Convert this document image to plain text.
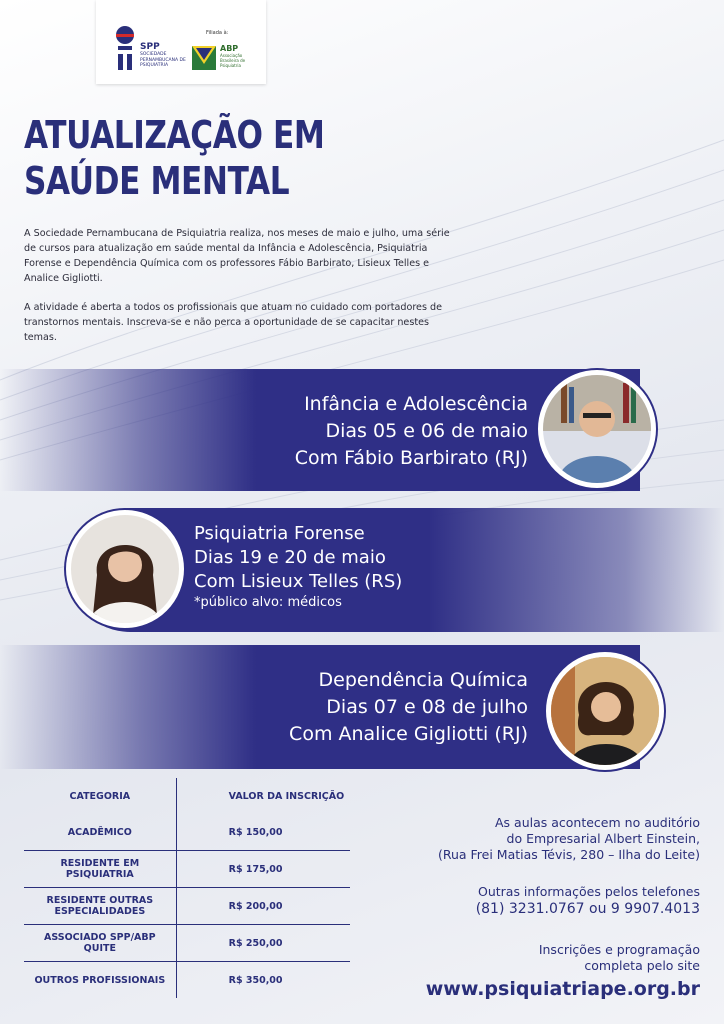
SPP
SOCIEDADE PERNAMBUCANA DE PSIQUIATRIA
Filiada à:
ABP
Associação Brasileira de Psiquiatria
ATUALIZAÇÃO EM
SAÚDE MENTAL

A Sociedade Pernambucana de Psiquiatria realiza, nos meses de maio e julho, uma série de cursos para atualização em saúde mental da Infância e Adolescência, Psiquiatria Forense e Dependência Química com os professores Fábio Barbirato, Lisieux Telles e Analice Gigliotti.

A atividade é aberta a todos os profissionais que atuam no cuidado com portadores de transtornos mentais. Inscreva-se e não perca a oportunidade de se capacitar nestes temas.

Infância e Adolescência
Dias 05 e 06 de maio
Com Fábio Barbirato (RJ)
Psiquiatria Forense
Dias 19 e 20 de maio
Com Lisieux Telles (RS)
*público alvo: médicos
Dependência Química
Dias 07 e 08 de julho
Com Analice Gigliotti (RJ)
CATEGORIA	VALOR DA INSCRIÇÃO
ACADÊMICO	R$ 150,00
RESIDENTE EM PSIQUIATRIA	R$ 175,00
RESIDENTE OUTRAS ESPECIALIDADES	R$ 200,00
ASSOCIADO SPP/ABP QUITE	R$ 250,00
OUTROS PROFISSIONAIS	R$ 350,00
As aulas acontecem no auditório
do Empresarial Albert Einstein,
(Rua Frei Matias Tévis, 280 – Ilha do Leite)
Outras informações pelos telefones
(81) 3231.0767 ou 9 9907.4013
Inscrições e programação
completa pelo site
www.psiquiatriape.org.br
